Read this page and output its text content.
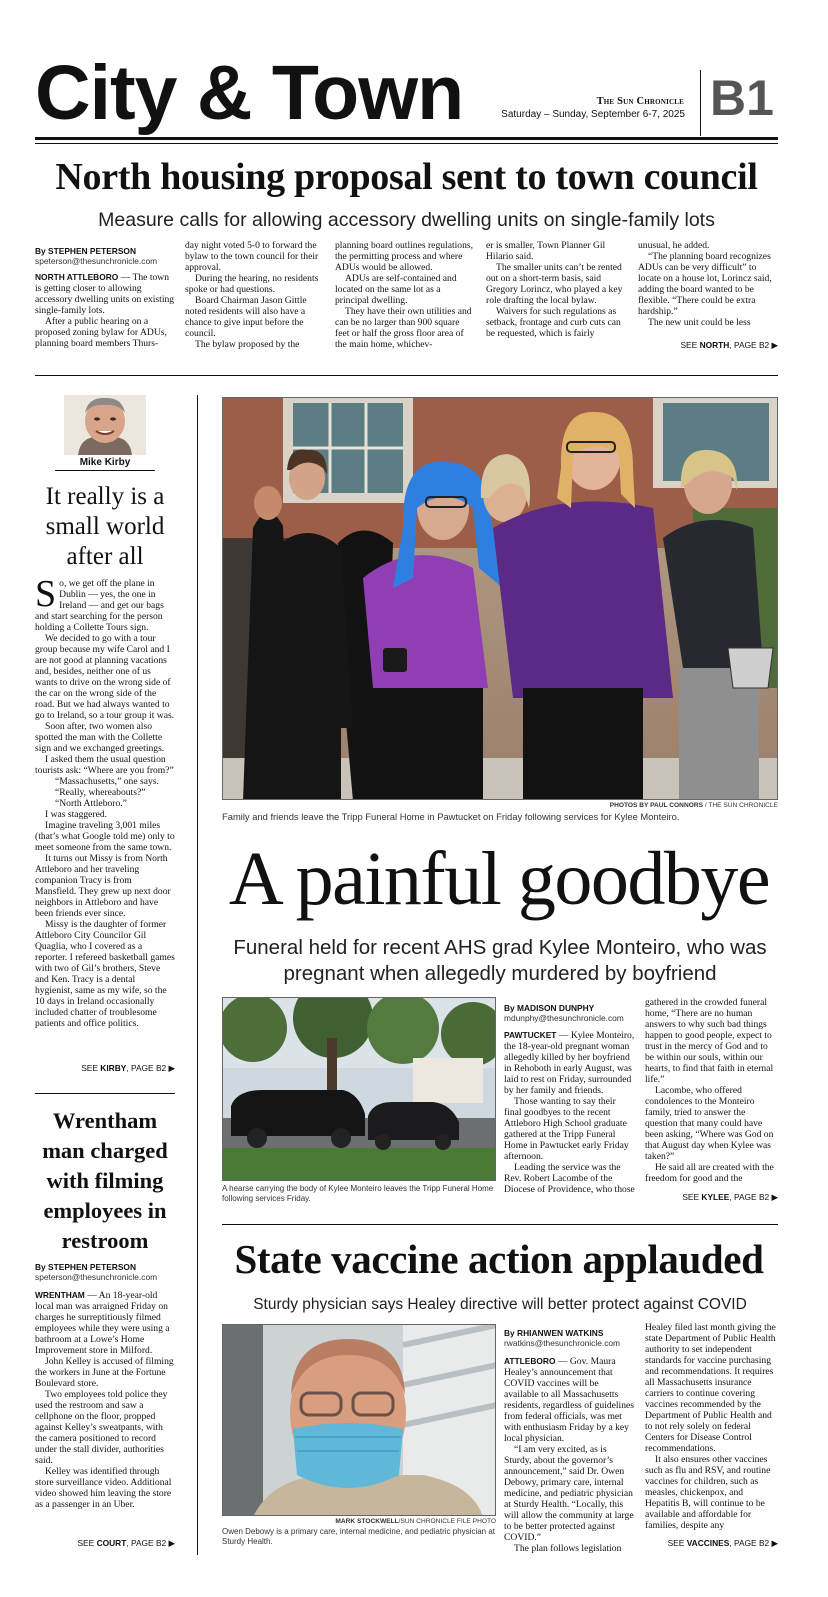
City & Town	The Sun Chronicle
Saturday – Sunday, September 6-7, 2025 B1
North housing proposal sent to town council
Measure calls for allowing accessory dwelling units on single-family lots
By STEPHEN PETERSON
speterson@thesunchronicle.com

NORTH ATTLEBORO — The town is getting closer to allowing accessory dwelling units on existing single-family lots.

After a public hearing on a proposed zoning bylaw for ADUs, planning board members Thurs-

day night voted 5-0 to forward the bylaw to the town council for their approval.

During the hearing, no residents spoke or had questions.

Board Chairman Jason Gittle noted residents will also have a chance to give input before the council.

The bylaw proposed by the

planning board outlines regulations, the permitting process and where ADUs would be allowed.

ADUs are self-contained and located on the same lot as a principal dwelling.

They have their own utilities and can be no larger than 900 square feet or half the gross floor area of the main home, whichev-

er is smaller, Town Planner Gil Hilario said.

The smaller units can’t be rented out on a short-term basis, said Gregory Lorincz, who played a key role drafting the local bylaw.

Waivers for such regulations as setback, frontage and curb cuts can be requested, which is fairly

unusual, he added.

“The planning board recognizes ADUs can be very difficult” to locate on a house lot, Lorincz said, adding the board wanted to be flexible. “There could be extra hardship.”

The new unit could be less

SEE NORTH, PAGE B2 ▶
Mike Kirby
It really is a small world after all

So, we get off the plane in Dublin — yes, the one in Ireland — and get our bags and start searching for the person holding a Collette Tours sign.

We decided to go with a tour group because my wife Carol and I are not good at planning vacations and, besides, neither one of us wants to drive on the wrong side of the car on the wrong side of the road. But we had always wanted to go to Ireland, so a tour group it was.

Soon after, two women also spotted the man with the Collette sign and we exchanged greetings.

I asked them the usual question tourists ask: “Where are you from?”

“Massachusetts,” one says.

“Really, whereabouts?”

“North Attleboro.”

I was staggered.

Imagine traveling 3,001 miles (that’s what Google told me) only to meet someone from the same town.

It turns out Missy is from North Attleboro and her traveling companion Tracy is from Mansfield. They grew up next door neighbors in Attleboro and have been friends ever since.

Missy is the daughter of former Attleboro City Councilor Gil Quaglia, who I covered as a reporter. I refereed basketball games with two of Gil’s brothers, Steve and Ken. Tracy is a dental hygienist, same as my wife, so the 10 days in Ireland occasionally included chatter of troublesome patients and office politics.

SEE KIRBY, PAGE B2 ▶
Wrentham man charged with filming employees in restroom
By STEPHEN PETERSON
speterson@thesunchronicle.com

WRENTHAM — An 18-year-old local man was arraigned Friday on charges he surreptitiously filmed employees while they were using a bathroom at a Lowe’s Home Improvement store in Milford.

John Kelley is accused of filming the workers in June at the Fortune Boulevard store.

Two employees told police they used the restroom and saw a cellphone on the floor, propped against Kelley’s sweatpants, with the camera positioned to record under the stall divider, authorities said.

Kelley was identified through store surveillance video. Additional video showed him leaving the store as a passenger in an Uber.

SEE COURT, PAGE B2 ▶
PHOTOS BY PAUL CONNORS / THE SUN CHRONICLE
Family and friends leave the Tripp Funeral Home in Pawtucket on Friday following services for Kylee Monteiro.
A painful goodbye
Funeral held for recent AHS grad Kylee Monteiro, who was pregnant when allegedly murdered by boyfriend
A hearse carrying the body of Kylee Monteiro leaves the Tripp Funeral Home following services Friday.
By MADISON DUNPHY
mdunphy@thesunchronicle.com

PAWTUCKET — Kylee Monteiro, the 18-year-old pregnant woman allegedly killed by her boyfriend in Rehoboth in early August, was laid to rest on Friday, surrounded by her family and friends.

Those wanting to say their final goodbyes to the recent Attleboro High School graduate gathered at the Tripp Funeral Home in Pawtucket early Friday afternoon.

Leading the service was the Rev. Robert Lacombe of the Diocese of Providence, who those

gathered in the crowded funeral home, “There are no human answers to why such bad things happen to good people, expect to trust in the mercy of God and to be within our souls, within our hearts, to find that faith in eternal life.”

Lacombe, who offered condolences to the Monteiro family, tried to answer the question that many could have been asking, “Where was God on that August day when Kylee was taken?”

He said all are created with the freedom for good and the

SEE KYLEE, PAGE B2 ▶
State vaccine action applauded
Sturdy physician says Healey directive will better protect against COVID
MARK STOCKWELL/SUN CHRONICLE FILE PHOTO
Owen Debowy is a primary care, internal medicine, and pediatric physician at Sturdy Health.
By RHIANWEN WATKINS
rwatkins@thesunchronicle.com

ATTLEBORO — Gov. Maura Healey’s announcement that COVID vaccines will be available to all Massachusetts residents, regardless of guidelines from federal officials, was met with enthusiasm Friday by a key local physician.

“I am very excited, as is Sturdy, about the governor’s announcement,” said Dr. Owen Debowy, primary care, internal medicine, and pediatric physician at Sturdy Health. “Locally, this will allow the community at large to be better protected against COVID.”

The plan follows legislation

Healey filed last month giving the state Department of Public Health authority to set independent standards for vaccine purchasing and recommendations. It requires all Massachusetts insurance carriers to continue covering vaccines recommended by the Department of Public Health and to not rely solely on federal Centers for Disease Control recommendations.

It also ensures other vaccines such as flu and RSV, and routine vaccines for children, such as measles, chickenpox, and Hepatitis B, will continue to be available and affordable for families, despite any

SEE VACCINES, PAGE B2 ▶
